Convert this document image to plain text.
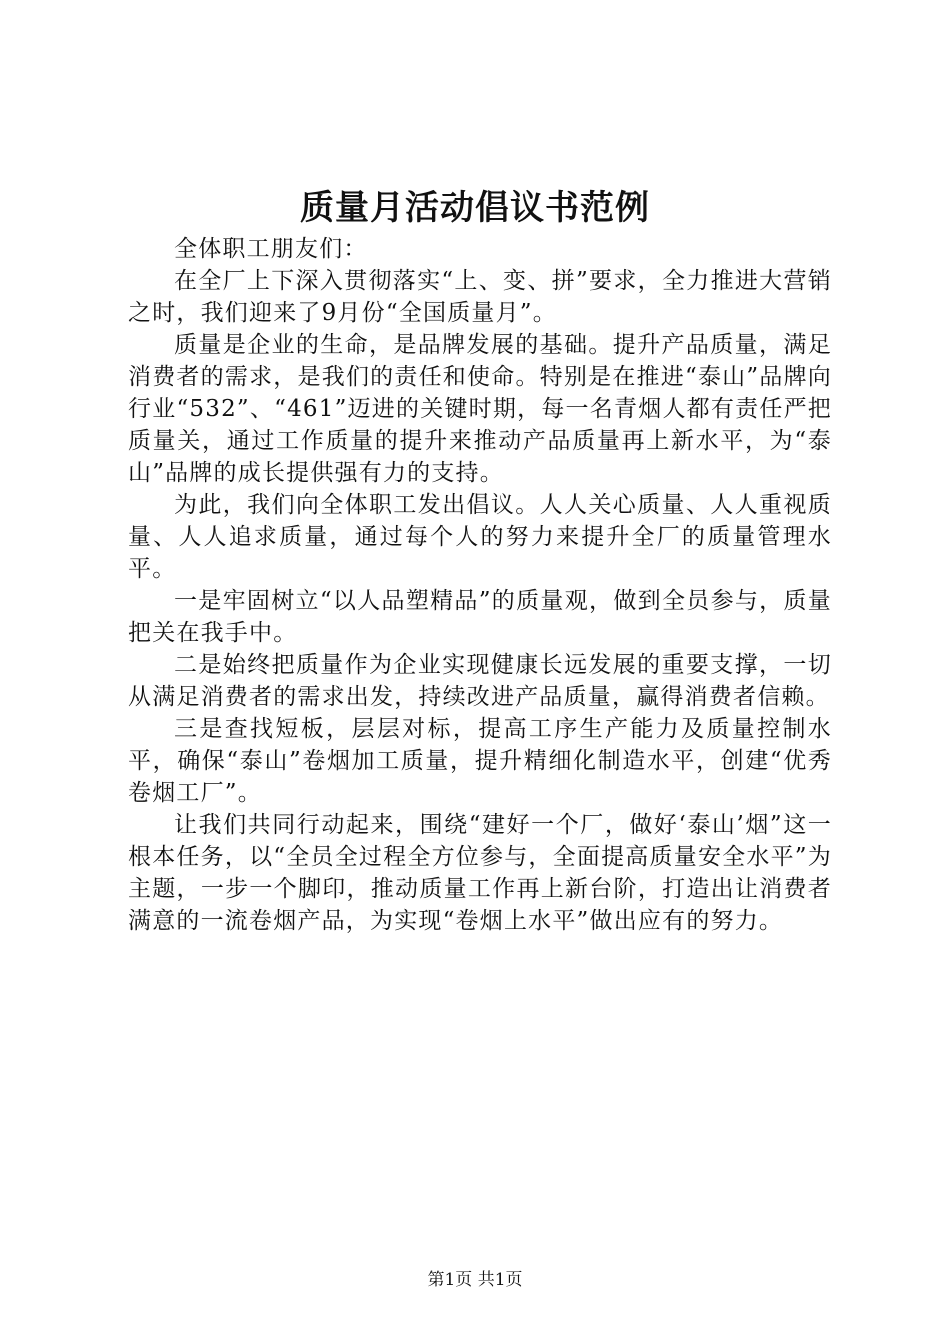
质量月活动倡议书范例

全体职工朋友们：

在全厂上下深入贯彻落实“上、变、拼”要求，全力推进大营销之时，我们迎来了9月份“全国质量月”。

质量是企业的生命，是品牌发展的基础。提升产品质量，满足消费者的需求，是我们的责任和使命。特别是在推进“泰山”品牌向行业“532”、“461”迈进的关键时期，每一名青烟人都有责任严把质量关，通过工作质量的提升来推动产品质量再上新水平，为“泰山”品牌的成长提供强有力的支持。

为此，我们向全体职工发出倡议。人人关心质量、人人重视质量、人人追求质量，通过每个人的努力来提升全厂的质量管理水平。

一是牢固树立“以人品塑精品”的质量观，做到全员参与，质量把关在我手中。

二是始终把质量作为企业实现健康长远发展的重要支撑，一切从满足消费者的需求出发，持续改进产品质量，赢得消费者信赖。

三是查找短板，层层对标，提高工序生产能力及质量控制水平，确保“泰山”卷烟加工质量，提升精细化制造水平，创建“优秀卷烟工厂”。

让我们共同行动起来，围绕“建好一个厂，做好‘泰山’烟”这一根本任务，以“全员全过程全方位参与，全面提高质量安全水平”为主题，一步一个脚印，推动质量工作再上新台阶，打造出让消费者满意的一流卷烟产品，为实现“卷烟上水平”做出应有的努力。

第1页 共1页
